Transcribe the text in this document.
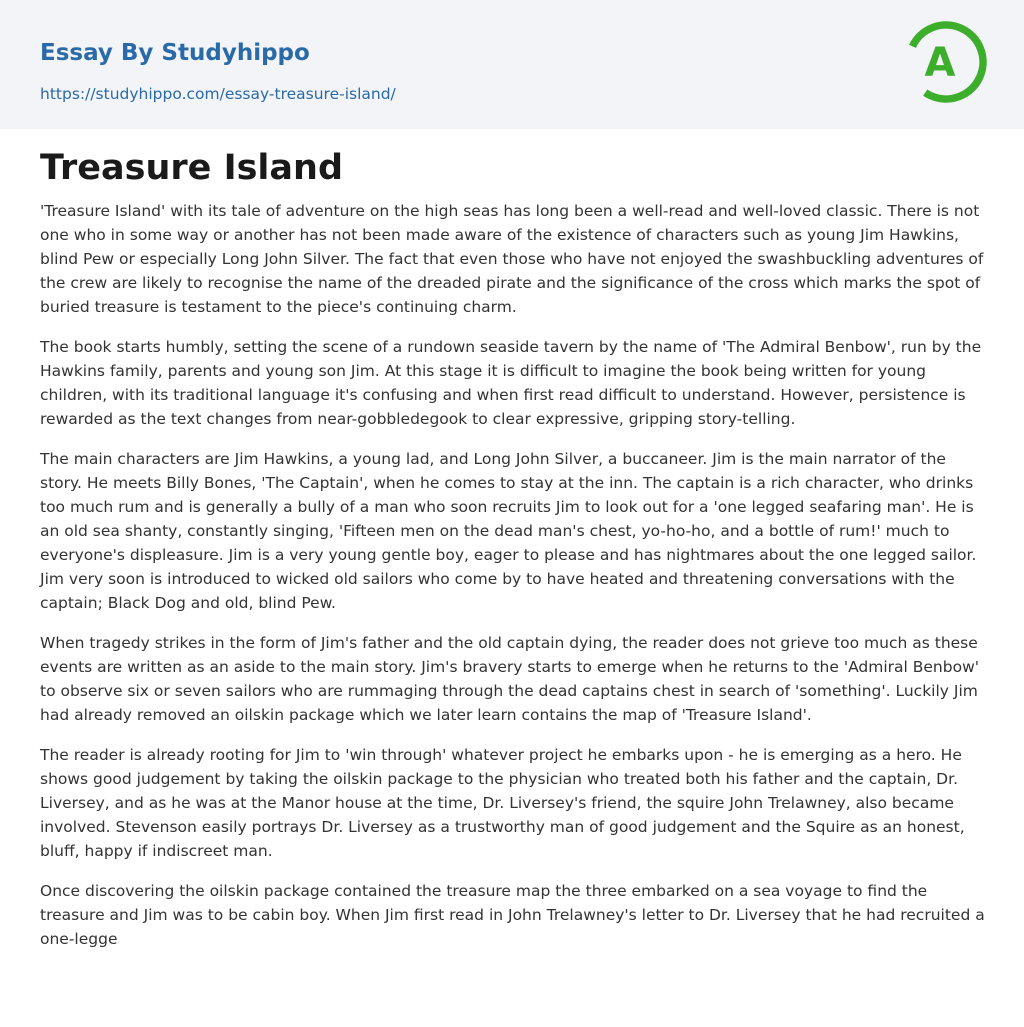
Essay By Studyhippo
https://studyhippo.com/essay-treasure-island/
A
Treasure Island

'Treasure Island' with its tale of adventure on the high seas has long been a well-read and well-loved classic. There is not one who in some way or another has not been made aware of the existence of characters such as young Jim Hawkins, blind Pew or especially Long John Silver. The fact that even those who have not enjoyed the swashbuckling adventures of the crew are likely to recognise the name of the dreaded pirate and the significance of the cross which marks the spot of buried treasure is testament to the piece's continuing charm.

The book starts humbly, setting the scene of a rundown seaside tavern by the name of 'The Admiral Benbow', run by the Hawkins family, parents and young son Jim. At this stage it is difficult to imagine the book being written for young children, with its traditional language it's confusing and when first read difficult to understand. However, persistence is rewarded as the text changes from near-gobbledegook to clear expressive, gripping story-telling.

The main characters are Jim Hawkins, a young lad, and Long John Silver, a buccaneer. Jim is the main narrator of the story. He meets Billy Bones, 'The Captain', when he comes to stay at the inn. The captain is a rich character, who drinks too much rum and is generally a bully of a man who soon recruits Jim to look out for a 'one legged seafaring man'. He is an old sea shanty, constantly singing, 'Fifteen men on the dead man's chest, yo-ho-ho, and a bottle of rum!' much to everyone's displeasure. Jim is a very young gentle boy, eager to please and has nightmares about the one legged sailor. Jim very soon is introduced to wicked old sailors who come by to have heated and threatening conversations with the captain; Black Dog and old, blind Pew.

When tragedy strikes in the form of Jim's father and the old captain dying, the reader does not grieve too much as these events are written as an aside to the main story. Jim's bravery starts to emerge when he returns to the 'Admiral Benbow' to observe six or seven sailors who are rummaging through the dead captains chest in search of 'something'. Luckily Jim had already removed an oilskin package which we later learn contains the map of 'Treasure Island'.

The reader is already rooting for Jim to 'win through' whatever project he embarks upon - he is emerging as a hero. He shows good judgement by taking the oilskin package to the physician who treated both his father and the captain, Dr. Liversey, and as he was at the Manor house at the time, Dr. Liversey's friend, the squire John Trelawney, also became involved. Stevenson easily portrays Dr. Liversey as a trustworthy man of good judgement and the Squire as an honest, bluff, happy if indiscreet man.

Once discovering the oilskin package contained the treasure map the three embarked on a sea voyage to find the treasure and Jim was to be cabin boy. When Jim first read in John Trelawney's letter to Dr. Liversey that he had recruited a one-legge
